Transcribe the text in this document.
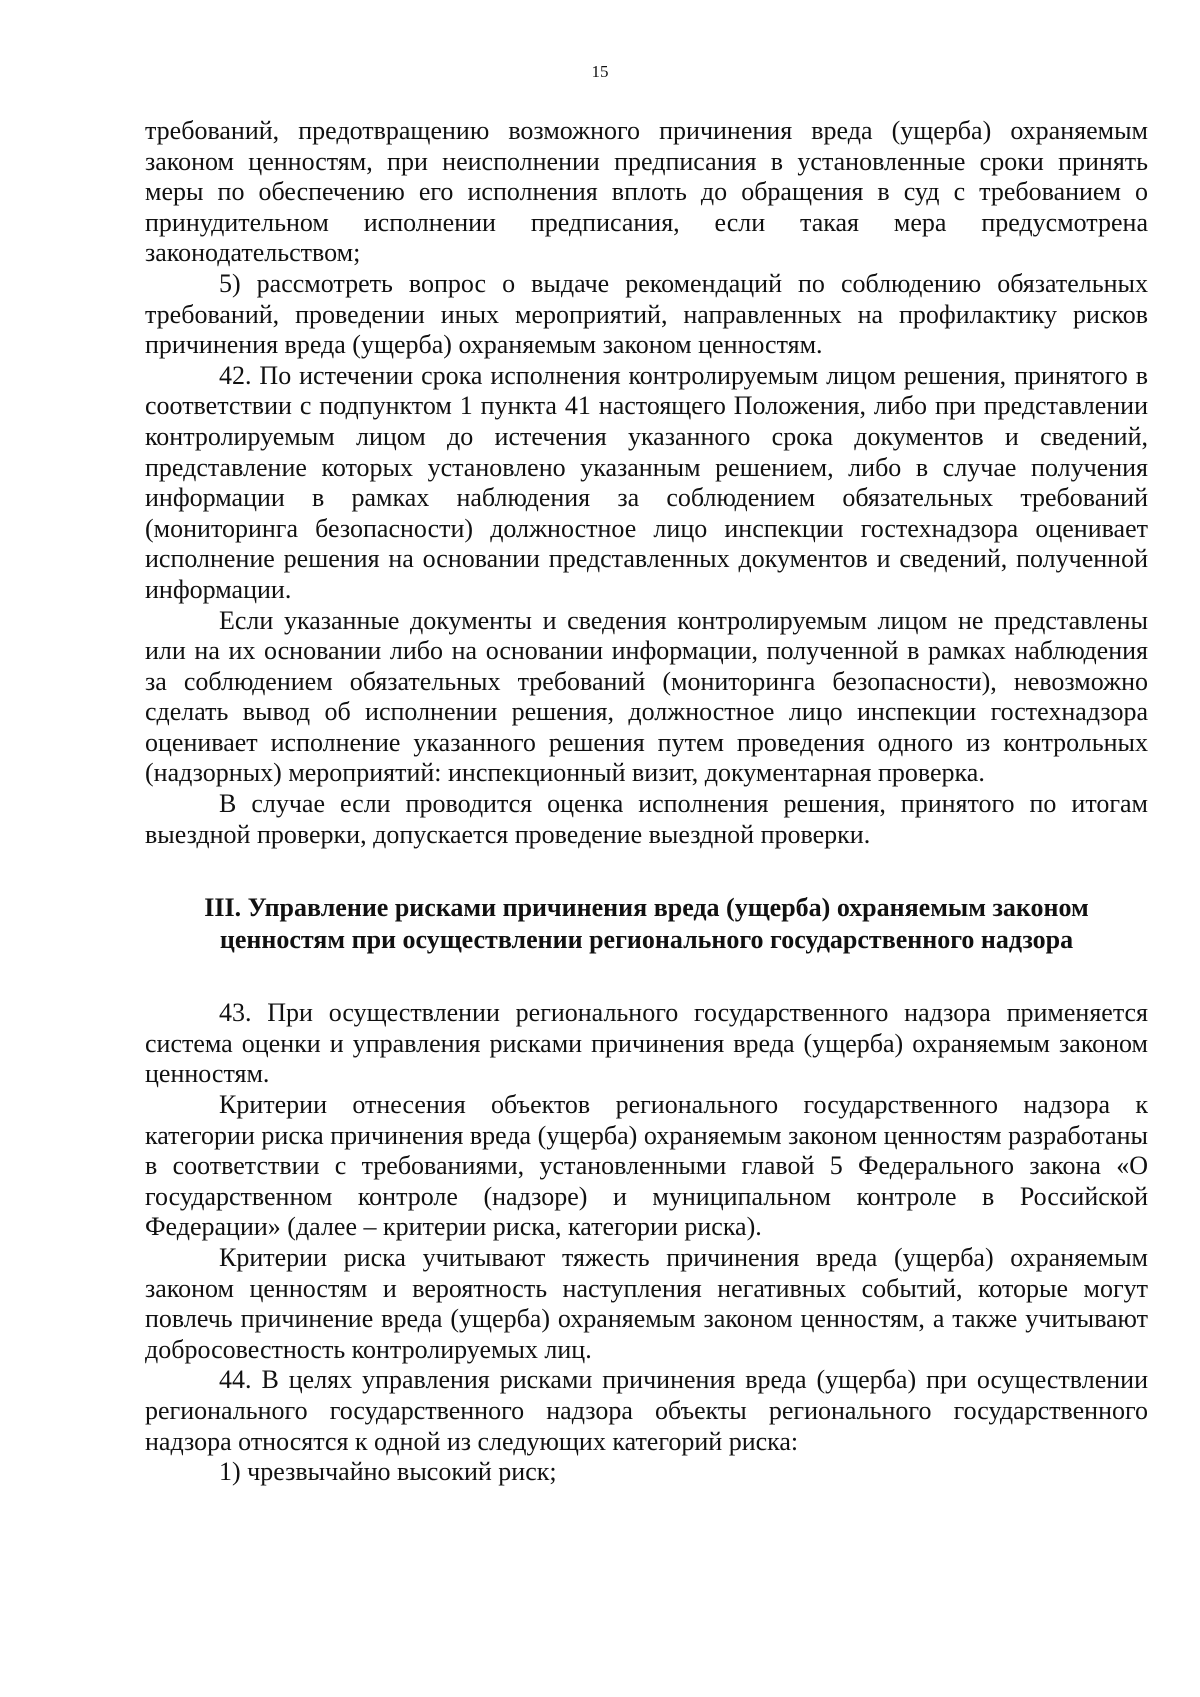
15

требований, предотвращению возможного причинения вреда (ущерба) охраняемым законом ценностям, при неисполнении предписания в установленные сроки принять меры по обеспечению его исполнения вплоть до обращения в суд с требованием о принудительном исполнении предписания, если такая мера предусмотрена законодательством;

5) рассмотреть вопрос о выдаче рекомендаций по соблюдению обязательных требований, проведении иных мероприятий, направленных на профилактику рисков причинения вреда (ущерба) охраняемым законом ценностям.

42. По истечении срока исполнения контролируемым лицом решения, принятого в соответствии с подпунктом 1 пункта 41 настоящего Положения, либо при представлении контролируемым лицом до истечения указанного срока документов и сведений, представление которых установлено указанным решением, либо в случае получения информации в рамках наблюдения за соблюдением обязательных требований (мониторинга безопасности) должностное лицо инспекции гостехнадзора оценивает исполнение решения на основании представленных документов и сведений, полученной информации.

Если указанные документы и сведения контролируемым лицом не представлены или на их основании либо на основании информации, полученной в рамках наблюдения за соблюдением обязательных требований (мониторинга безопасности), невозможно сделать вывод об исполнении решения, должностное лицо инспекции гостехнадзора оценивает исполнение указанного решения путем проведения одного из контрольных (надзорных) мероприятий: инспекционный визит, документарная проверка.

В случае если проводится оценка исполнения решения, принятого по итогам выездной проверки, допускается проведение выездной проверки.

III. Управление рисками причинения вреда (ущерба) охраняемым законом
ценностям при осуществлении регионального государственного надзора

43. При осуществлении регионального государственного надзора применяется система оценки и управления рисками причинения вреда (ущерба) охраняемым законом ценностям.

Критерии отнесения объектов регионального государственного надзора к категории риска причинения вреда (ущерба) охраняемым законом ценностям разработаны в соответствии с требованиями, установленными главой 5 Федерального закона «О государственном контроле (надзоре) и муниципальном контроле в Российской Федерации» (далее – критерии риска, категории риска).

Критерии риска учитывают тяжесть причинения вреда (ущерба) охраняемым законом ценностям и вероятность наступления негативных событий, которые могут повлечь причинение вреда (ущерба) охраняемым законом ценностям, а также учитывают добросовестность контролируемых лиц.

44. В целях управления рисками причинения вреда (ущерба) при осуществлении регионального государственного надзора объекты регионального государственного надзора относятся к одной из следующих категорий риска:

1) чрезвычайно высокий риск;
